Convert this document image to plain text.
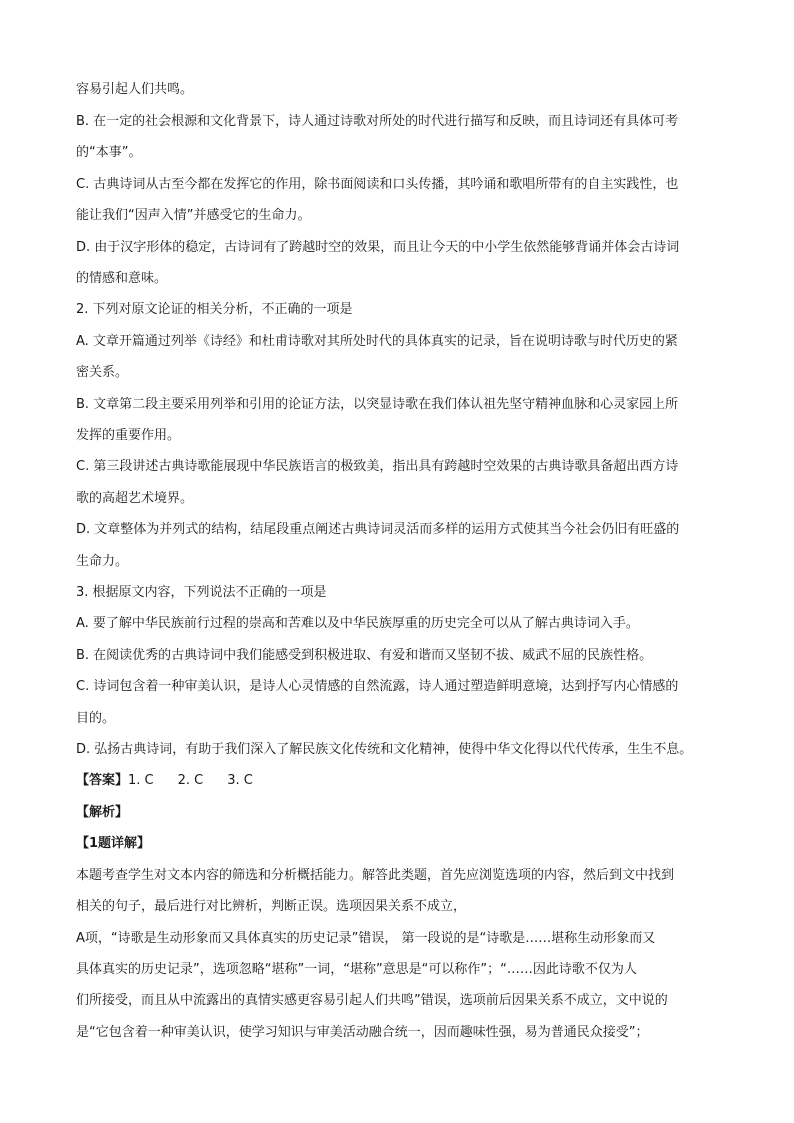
容易引起人们共鸣。
B. 在一定的社会根源和文化背景下，诗人通过诗歌对所处的时代进行描写和反映，而且诗词还有具体可考
的“本事”。
C. 古典诗词从古至今都在发挥它的作用，除书面阅读和口头传播，其吟诵和歌唱所带有的自主实践性，也
能让我们“因声入情”并感受它的生命力。
D. 由于汉字形体的稳定，古诗词有了跨越时空的效果，而且让今天的中小学生依然能够背诵并体会古诗词
的情感和意味。
2. 下列对原文论证的相关分析，不正确的一项是
A. 文章开篇通过列举《诗经》和杜甫诗歌对其所处时代的具体真实的记录，旨在说明诗歌与时代历史的紧
密关系。
B. 文章第二段主要采用列举和引用的论证方法，以突显诗歌在我们体认祖先坚守精神血脉和心灵家园上所
发挥的重要作用。
C. 第三段讲述古典诗歌能展现中华民族语言的极致美，指出具有跨越时空效果的古典诗歌具备超出西方诗
歌的高超艺术境界。
D. 文章整体为并列式的结构，结尾段重点阐述古典诗词灵活而多样的运用方式使其当今社会仍旧有旺盛的
生命力。
3. 根据原文内容，下列说法不正确的一项是
A. 要了解中华民族前行过程的崇高和苦难以及中华民族厚重的历史完全可以从了解古典诗词入手。
B. 在阅读优秀的古典诗词中我们能感受到积极进取、有爱和谐而又坚韧不拔、威武不屈的民族性格。
C. 诗词包含着一种审美认识，是诗人心灵情感的自然流露，诗人通过塑造鲜明意境，达到抒写内心情感的
目的。
D. 弘扬古典诗词，有助于我们深入了解民族文化传统和文化精神，使得中华文化得以代代传承，生生不息。
【答案】1. C 2. C 3. C
【解析】
【1题详解】
本题考查学生对文本内容的筛选和分析概括能力。解答此类题，首先应浏览选项的内容，然后到文中找到
相关的句子，最后进行对比辨析，判断正误。选项因果关系不成立，
A项，“诗歌是生动形象而又具体真实的历史记录”错误， 第一段说的是“诗歌是……堪称生动形象而又
具体真实的历史记录”，选项忽略“堪称”一词，“堪称”意思是“可以称作”；“……因此诗歌不仅为人
们所接受，而且从中流露出的真情实感更容易引起人们共鸣”错误，选项前后因果关系不成立，文中说的
是“它包含着一种审美认识，使学习知识与审美活动融合统一，因而趣味性强，易为普通民众接受”；
